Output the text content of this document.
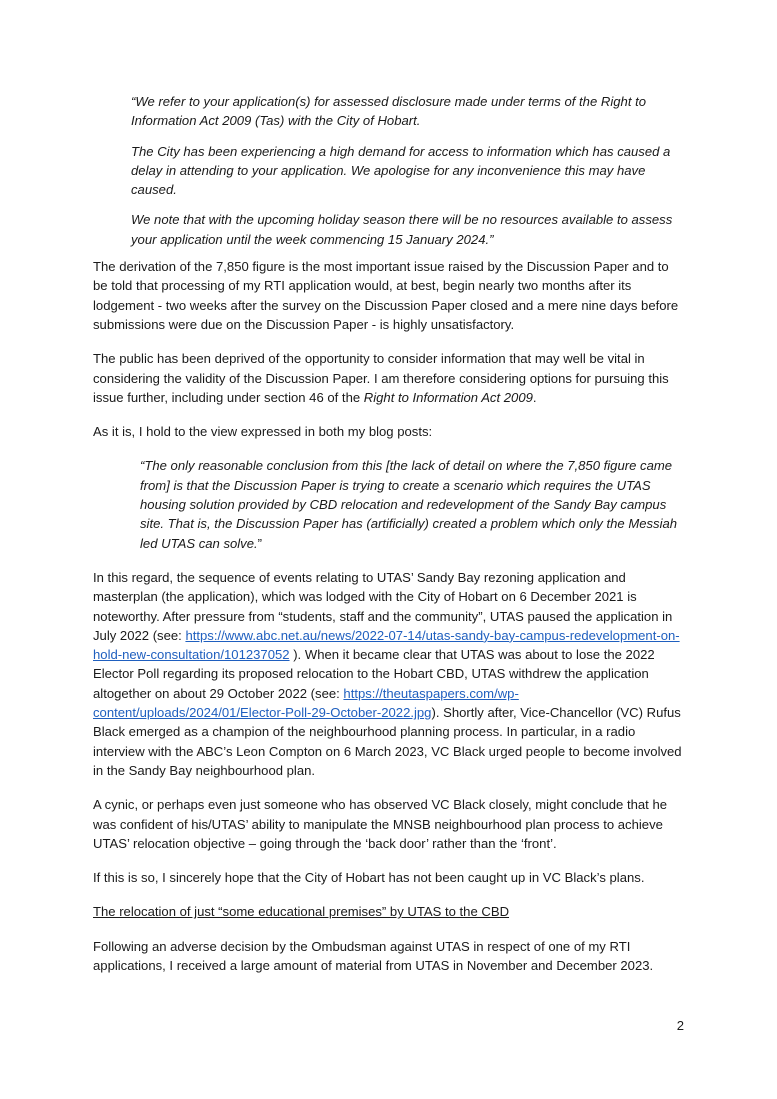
“We refer to your application(s) for assessed disclosure made under terms of the Right to Information Act 2009 (Tas) with the City of Hobart.

The City has been experiencing a high demand for access to information which has caused a delay in attending to your application. We apologise for any inconvenience this may have caused.

We note that with the upcoming holiday season there will be no resources available to assess your application until the week commencing 15 January 2024.”

The derivation of the 7,850 figure is the most important issue raised by the Discussion Paper and to be told that processing of my RTI application would, at best, begin nearly two months after its lodgement - two weeks after the survey on the Discussion Paper closed and a mere nine days before submissions were due on the Discussion Paper - is highly unsatisfactory.

The public has been deprived of the opportunity to consider information that may well be vital in considering the validity of the Discussion Paper. I am therefore considering options for pursuing this issue further, including under section 46 of the Right to Information Act 2009.

As it is, I hold to the view expressed in both my blog posts:

“The only reasonable conclusion from this [the lack of detail on where the 7,850 figure came from] is that the Discussion Paper is trying to create a scenario which requires the UTAS housing solution provided by CBD relocation and redevelopment of the Sandy Bay campus site. That is, the Discussion Paper has (artificially) created a problem which only the Messiah led UTAS can solve.”

In this regard, the sequence of events relating to UTAS’ Sandy Bay rezoning application and masterplan (the application), which was lodged with the City of Hobart on 6 December 2021 is noteworthy. After pressure from “students, staff and the community”, UTAS paused the application in July 2022 (see: https://www.abc.net.au/news/2022-07-14/utas-sandy-bay-campus-redevelopment-on-hold-new-consultation/101237052 ). When it became clear that UTAS was about to lose the 2022 Elector Poll regarding its proposed relocation to the Hobart CBD, UTAS withdrew the application altogether on about 29 October 2022 (see: https://theutaspapers.com/wp-content/uploads/2024/01/Elector-Poll-29-October-2022.jpg). Shortly after, Vice-Chancellor (VC) Rufus Black emerged as a champion of the neighbourhood planning process. In particular, in a radio interview with the ABC’s Leon Compton on 6 March 2023, VC Black urged people to become involved in the Sandy Bay neighbourhood plan.

A cynic, or perhaps even just someone who has observed VC Black closely, might conclude that he was confident of his/UTAS’ ability to manipulate the MNSB neighbourhood plan process to achieve UTAS’ relocation objective – going through the ‘back door’ rather than the ‘front’.

If this is so, I sincerely hope that the City of Hobart has not been caught up in VC Black’s plans.

The relocation of just “some educational premises” by UTAS to the CBD

Following an adverse decision by the Ombudsman against UTAS in respect of one of my RTI applications, I received a large amount of material from UTAS in November and December 2023.

2
